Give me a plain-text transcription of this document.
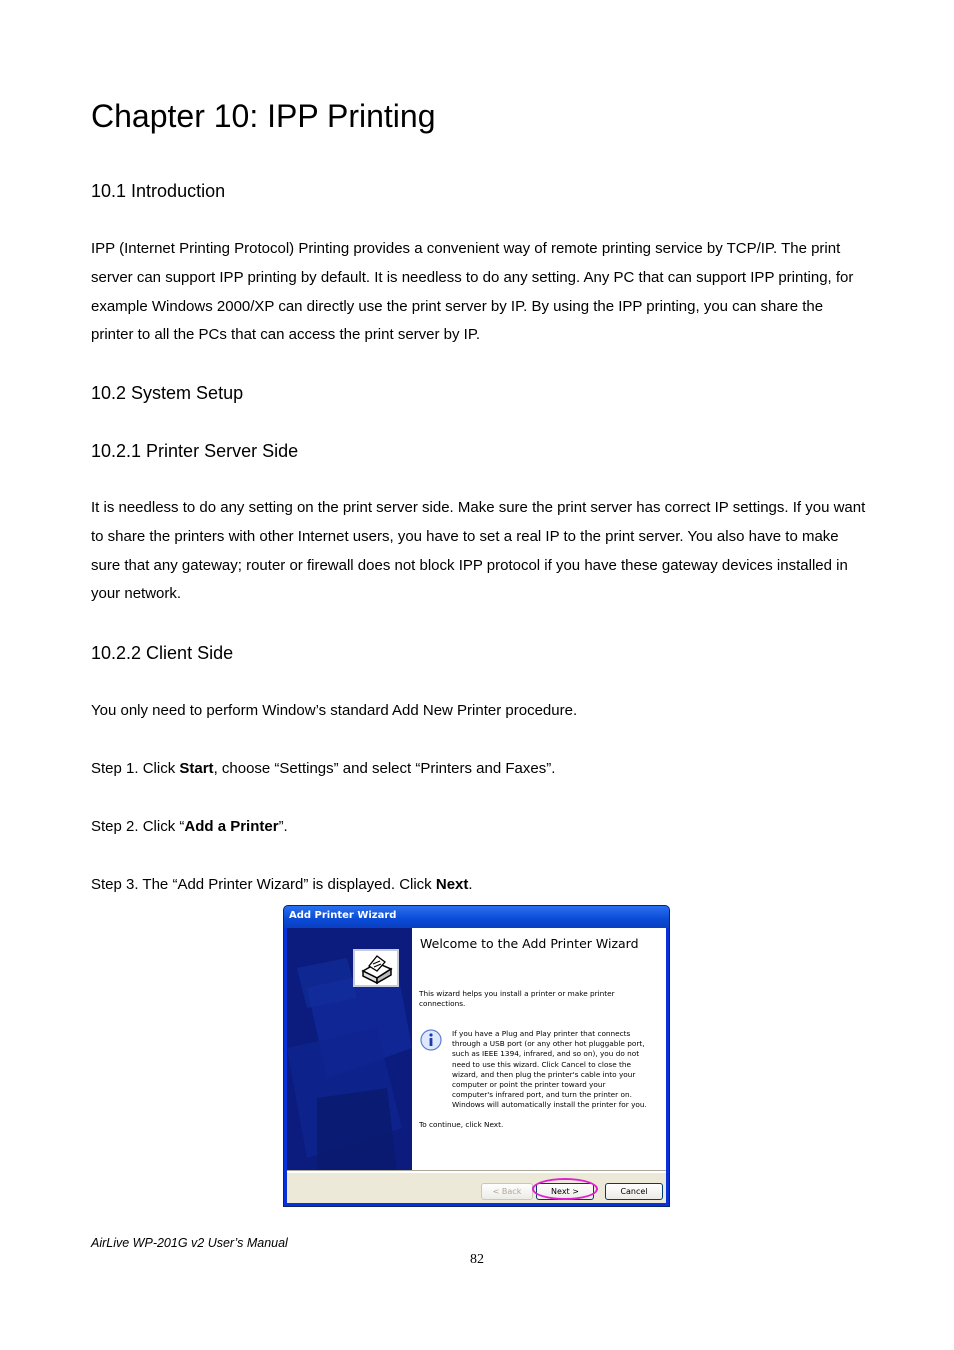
Chapter 10: IPP Printing
10.1 Introduction

IPP (Internet Printing Protocol) Printing provides a convenient way of remote printing service by TCP/IP. The print server can support IPP printing by default. It is needless to do any setting. Any PC that can support IPP printing, for example Windows 2000/XP can directly use the print server by IP. By using the IPP printing, you can share the printer to all the PCs that can access the print server by IP.

10.2 System Setup
10.2.1 Printer Server Side

It is needless to do any setting on the print server side. Make sure the print server has correct IP settings. If you want to share the printers with other Internet users, you have to set a real IP to the print server. You also have to make sure that any gateway; router or firewall does not block IPP protocol if you have these gateway devices installed in your network.

10.2.2 Client Side

You only need to perform Window’s standard Add New Printer procedure.

Step 1. Click Start, choose “Settings” and select “Printers and Faxes”.

Step 2. Click “Add a Printer”.

Step 3. The “Add Printer Wizard” is displayed. Click Next.

Add Printer Wizard
Welcome to the Add Printer Wizard
This wizard helps you install a printer or make printer connections.
If you have a Plug and Play printer that connects through a USB port (or any other hot pluggable port, such as IEEE 1394, infrared, and so on), you do not need to use this wizard. Click Cancel to close the wizard, and then plug the printer's cable into your computer or point the printer toward your computer's infrared port, and turn the printer on. Windows will automatically install the printer for you.
To continue, click Next.
< Back	Next >	Cancel
AirLive WP-201G v2 User’s Manual
82
